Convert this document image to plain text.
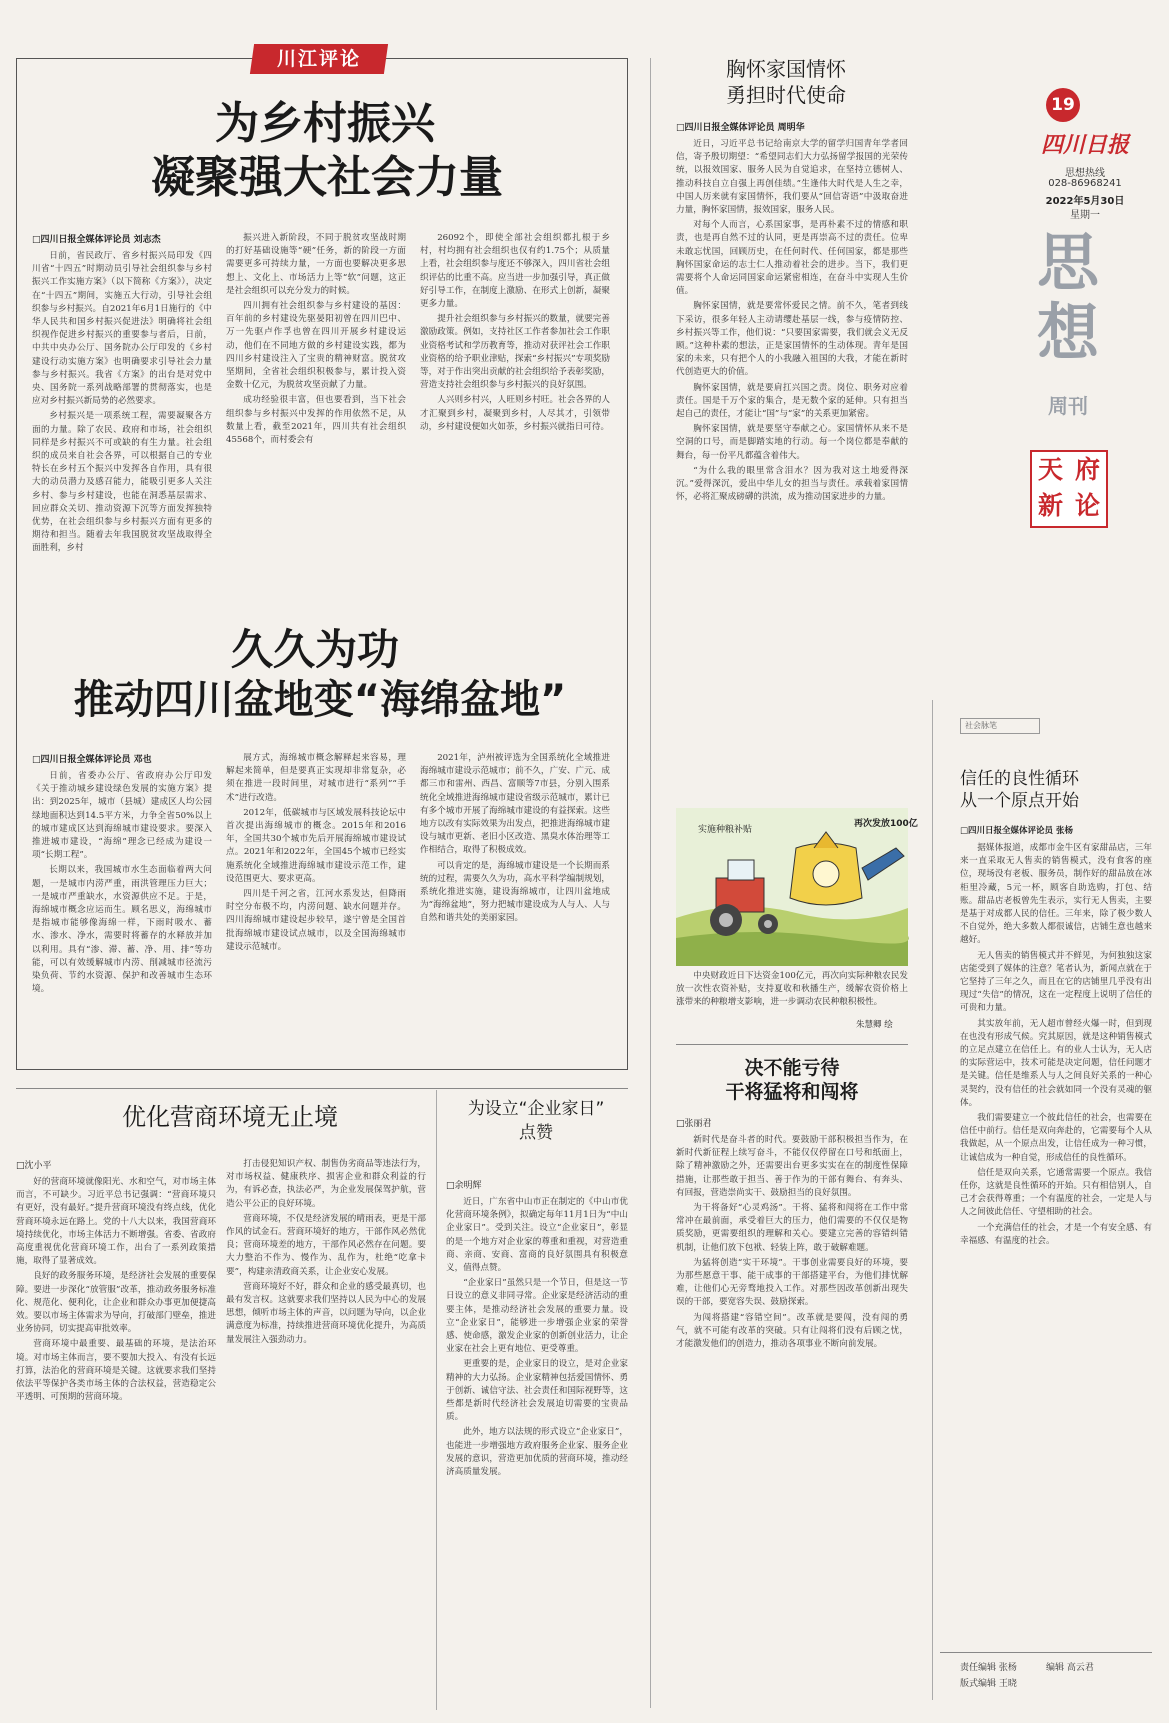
川江评论
为乡村振兴
凝聚强大社会力量
□四川日报全媒体评论员 刘志杰

日前，省民政厅、省乡村振兴局印发《四川省“十四五”时期动员引导社会组织参与乡村振兴工作实施方案》（以下简称《方案》），决定在“十四五”期间，实施五大行动，引导社会组织参与乡村振兴。自2021年6月1日施行的《中华人民共和国乡村振兴促进法》明确将社会组织视作促进乡村振兴的重要参与者后，日前，中共中央办公厅、国务院办公厅印发的《乡村建设行动实施方案》也明确要求引导社会力量参与乡村振兴。我省《方案》的出台是对党中央、国务院一系列战略部署的贯彻落实，也是应对乡村振兴新局势的必然要求。

乡村振兴是一项系统工程，需要凝聚各方面的力量。除了农民、政府和市场，社会组织同样是乡村振兴不可或缺的有生力量。社会组织的成员来自社会各界，可以根据自己的专业特长在乡村五个振兴中发挥各自作用，具有很大的动员潜力及感召能力，能吸引更多人关注乡村、参与乡村建设，也能在洞悉基层需求、回应群众关切、推动资源下沉等方面发挥独特优势，在社会组织参与乡村振兴方面有更多的期待和担当。随着去年我国脱贫攻坚战取得全面胜利，乡村

振兴进入新阶段，不同于脱贫攻坚战时期的打好基础设施等“硬”任务，新的阶段一方面需要更多可持续力量，一方面也要解决更多思想上、文化上、市场活力上等“软”问题，这正是社会组织可以充分发力的时候。

四川拥有社会组织参与乡村建设的基因：百年前的乡村建设先驱晏阳初曾在四川巴中、万一先驱卢作孚也曾在四川开展乡村建设运动，他们在不同地方做的乡村建设实践，都为四川乡村建设注入了宝贵的精神财富。脱贫攻坚期间，全省社会组织积极参与，累计投入资金数十亿元，为脱贫攻坚贡献了力量。

成功经验很丰富，但也要看到，当下社会组织参与乡村振兴中发挥的作用依然不足，从数量上看，截至2021年，四川共有社会组织45568个，而村委会有

26092个，即使全部社会组织都扎根于乡村，村均拥有社会组织也仅有约1.75个；从质量上看，社会组织参与度还不够深入，四川省社会组织评估的比重不高。应当进一步加强引导，真正做好引导工作，在制度上激励、在形式上创新，凝聚更多力量。

提升社会组织参与乡村振兴的数量，就要完善激励政策。例如，支持社区工作者参加社会工作职业资格考试和学历教育等，推动对获评社会工作职业资格的给予职业津贴，探索“乡村振兴”专项奖励等，对于作出突出贡献的社会组织给予表彰奖励，营造支持社会组织参与乡村振兴的良好氛围。

人兴则乡村兴，人旺则乡村旺。社会各界的人才汇聚到乡村，凝聚到乡村，人尽其才，引领带动，乡村建设便如火如荼，乡村振兴就指日可待。

久久为功
推动四川盆地变“海绵盆地”
□四川日报全媒体评论员 邓也

日前，省委办公厅、省政府办公厅印发《关于推动城乡建设绿色发展的实施方案》提出：到2025年，城市（县城）建成区人均公园绿地面积达到14.5平方米，力争全省50%以上的城市建成区达到海绵城市建设要求。要深入推进城市建设，“海绵”理念已经成为建设一项“长期工程”。

长期以来，我国城市水生态面临着两大问题，一是城市内涝严重，雨洪管理压力巨大；一是城市严重缺水，水资源供应不足。于是，海绵城市概念应运而生。顾名思义，海绵城市是指城市能够像海绵一样，下雨时吸水、蓄水、渗水、净水，需要时将蓄存的水释放并加以利用。具有“渗、滞、蓄、净、用、排”等功能，可以有效缓解城市内涝、削减城市径流污染负荷、节约水资源、保护和改善城市生态环境。

展方式，海绵城市概念解释起来容易，理解起来简单，但是要真正实现却非常复杂，必须在推进一段时间里，对城市进行“系列”“手术”进行改造。

2012年，低碳城市与区域发展科技论坛中首次提出海绵城市的概念。2015年和2016年，全国共30个城市先后开展海绵城市建设试点。2021年和2022年，全国45个城市已经实施系统化全域推进海绵城市建设示范工作，建设范围更大、要求更高。

四川是千河之省，江河水系发达，但降雨时空分布极不均，内涝问题、缺水问题并存。四川海绵城市建设起步较早，遂宁曾是全国首批海绵城市建设试点城市，以及全国海绵城市建设示范城市。

2021年，泸州被评选为全国系统化全域推进海绵城市建设示范城市；前不久，广安、广元、成都三市和雷州、西昌、富顺等7市县，分别入围系统化全域推进海绵城市建设省级示范城市，累计已有多个城市开展了海绵城市建设的有益探索。这些地方以改有实际效果为出发点，把推进海绵城市建设与城市更新、老旧小区改造、黑臭水体治理等工作相结合，取得了积极成效。

可以肯定的是，海绵城市建设是一个长期而系统的过程，需要久久为功，高水平科学编制规划，系统化推进实施，建设海绵城市，让四川盆地成为“海绵盆地”，努力把城市建设成为人与人、人与自然和谐共处的美丽家园。

胸怀家国情怀
勇担时代使命
□四川日报全媒体评论员 周明华

近日，习近平总书记给南京大学的留学归国青年学者回信，寄予殷切期望：“希望同志们大力弘扬留学报国的光荣传统，以报效国家、服务人民为自觉追求，在坚持立德树人、推动科技自立自强上再创佳绩。”生逢伟大时代是人生之幸，中国人历来就有家国情怀，我们要从“回信寄语”中汲取奋进力量，胸怀家国情，报效国家，服务人民。

对每个人而言，心系国家事，是再朴素不过的情感和职责，也是再自然不过的认同，更是再崇高不过的责任。位卑未敢忘忧国，回顾历史，在任何时代、任何国家，都是那些胸怀国家命运的志士仁人推动着社会的进步。当下，我们更需要将个人命运同国家命运紧密相连，在奋斗中实现人生价值。

胸怀家国情，就是要常怀爱民之情。前不久，笔者到线下采访，很多年轻人主动请缨赴基层一线，参与疫情防控、乡村振兴等工作，他们说：“只要国家需要，我们就会义无反顾。”这种朴素的想法，正是家国情怀的生动体现。青年是国家的未来，只有把个人的小我融入祖国的大我，才能在新时代创造更大的价值。

胸怀家国情，就是要肩扛兴国之责。岗位、职务对应着责任。国是千万个家的集合，是无数个家的延伸。只有担当起自己的责任，才能让“国”与“家”的关系更加紧密。

胸怀家国情，就是要坚守奉献之心。家国情怀从来不是空洞的口号，而是脚踏实地的行动。每一个岗位都是奉献的舞台，每一份平凡都蕴含着伟大。

“为什么我的眼里常含泪水？因为我对这土地爱得深沉。”爱得深沉，爱出中华儿女的担当与责任。承载着家国情怀，必将汇聚成磅礴的洪流，成为推动国家进步的力量。

实施种粮补贴
再次发放100亿

中央财政近日下达资金100亿元，再次向实际种粮农民发放一次性农资补贴，支持夏收和秋播生产，缓解农资价格上涨带来的种粮增支影响，进一步调动农民种粮积极性。

朱慧卿 绘
决不能亏待
干将猛将和闯将
□张丽君

新时代是奋斗者的时代。要鼓励干部积极担当作为，在新时代新征程上续写奋斗，不能仅仅停留在口号和纸面上，除了精神激励之外，还需要出台更多实实在在的制度性保障措施，让那些敢于担当、善于作为的干部有舞台、有奔头、有回报，营造崇尚实干、鼓励担当的良好氛围。

为干将备好“心灵鸡汤”。干将、猛将和闯将在工作中常常冲在最前面，承受着巨大的压力，他们需要的不仅仅是物质奖励，更需要组织的理解和关心。要建立完善的容错纠错机制，让他们放下包袱、轻装上阵，敢于破解难题。

为猛将创造“实干环境”。干事创业需要良好的环境，要为那些愿意干事、能干成事的干部搭建平台，为他们排忧解难，让他们心无旁骛地投入工作。对那些因改革创新出现失误的干部，要宽容失误、鼓励探索。

为闯将搭建“容错空间”。改革就是要闯，没有闯的勇气，就不可能有改革的突破。只有让闯将们没有后顾之忧，才能激发他们的创造力，推动各项事业不断向前发展。

19
四川日报
思想热线
028-86968241
2022年5月30日
星期一
思
想
周刊
天 府
新 论
社会脉笔
信任的良性循环
从一个原点开始
□四川日报全媒体评论员 张杨

据媒体报道，成都市金牛区有家甜品店，三年来一直采取无人售卖的销售模式，没有食客的座位，现场没有老板、服务员，制作好的甜品放在冰柜里冷藏，5元一杯，顾客自助选购，打包、结账。甜品店老板曾先生表示，实行无人售卖，主要是基于对成都人民的信任。三年来，除了极少数人不自觉外，绝大多数人都很诚信，店铺生意也越来越好。

无人售卖的销售模式并不鲜见，为何独独这家店能受到了媒体的注意？笔者认为，新闻点就在于它坚持了三年之久，而且在它的店铺里几乎没有出现过“失信”的情况，这在一定程度上说明了信任的可贵和力量。

其实放年前，无人超市曾经火爆一时，但到现在也没有形成气候。究其原因，就是这种销售模式的立足点建立在信任上。有的业人士认为，无人店的实际营运中，技术可能是决定问题，信任问题才是关键。信任是维系人与人之间良好关系的一种心灵契约，没有信任的社会就如同一个没有灵魂的躯体。

我们需要建立一个彼此信任的社会，也需要在信任中前行。信任是双向奔赴的，它需要每个人从我做起，从一个原点出发，让信任成为一种习惯，让诚信成为一种自觉，形成信任的良性循环。

信任是双向关系，它通常需要一个原点。我信任你，这就是良性循环的开始。只有相信别人，自己才会获得尊重；一个有温度的社会，一定是人与人之间彼此信任、守望相助的社会。

一个充满信任的社会，才是一个有安全感、有幸福感、有温度的社会。

责任编辑 张杨	编辑 高云君
版式编辑 王晓
优化营商环境无止境
□沈小平

好的营商环境就像阳光、水和空气，对市场主体而言，不可缺少。习近平总书记强调：“营商环境只有更好，没有最好。”提升营商环境没有终点线，优化营商环境永远在路上。党的十八大以来，我国营商环境持续优化，市场主体活力不断增强。省委、省政府高度重视优化营商环境工作，出台了一系列政策措施，取得了显著成效。

良好的政务服务环境，是经济社会发展的重要保障。要进一步深化“放管服”改革，推动政务服务标准化、规范化、便利化，让企业和群众办事更加便捷高效。要以市场主体需求为导向，打破部门壁垒，推进业务协同，切实提高审批效率。

营商环境中最重要、最基础的环境，是法治环境。对市场主体而言，要不要加大投入、有没有长远打算，法治化的营商环境是关键。这就要求我们坚持依法平等保护各类市场主体的合法权益，营造稳定公平透明、可预期的营商环境。

打击侵犯知识产权、制售伪劣商品等违法行为，对市场权益、健康秩序、损害企业和群众利益的行为，有诉必查，执法必严，为企业发展保驾护航，营造公平公正的良好环境。

营商环境，不仅是经济发展的晴雨表，更是干部作风的试金石。营商环境好的地方，干部作风必然优良；营商环境差的地方，干部作风必然存在问题。要大力整治不作为、慢作为、乱作为，杜绝“吃拿卡要”，构建亲清政商关系，让企业安心发展。

营商环境好不好，群众和企业的感受最真切，也最有发言权。这就要求我们坚持以人民为中心的发展思想，倾听市场主体的声音，以问题为导向，以企业满意度为标准，持续推进营商环境优化提升，为高质量发展注入强劲动力。

为设立“企业家日”
点赞
□余明辉

近日，广东省中山市正在制定的《中山市优化营商环境条例》，拟确定每年11月1日为“中山企业家日”。受到关注。设立“企业家日”，彰显的是一个地方对企业家的尊重和重视，对营造重商、亲商、安商、富商的良好氛围具有积极意义，值得点赞。

“企业家日”虽然只是一个节日，但是这一节日设立的意义非同寻常。企业家是经济活动的重要主体，是推动经济社会发展的重要力量。设立“企业家日”，能够进一步增强企业家的荣誉感、使命感，激发企业家的创新创业活力，让企业家在社会上更有地位、更受尊重。

更重要的是，企业家日的设立，是对企业家精神的大力弘扬。企业家精神包括爱国情怀、勇于创新、诚信守法、社会责任和国际视野等，这些都是新时代经济社会发展迫切需要的宝贵品质。

此外，地方以法规的形式设立“企业家日”，也能进一步增强地方政府服务企业家、服务企业发展的意识，营造更加优质的营商环境，推动经济高质量发展。
